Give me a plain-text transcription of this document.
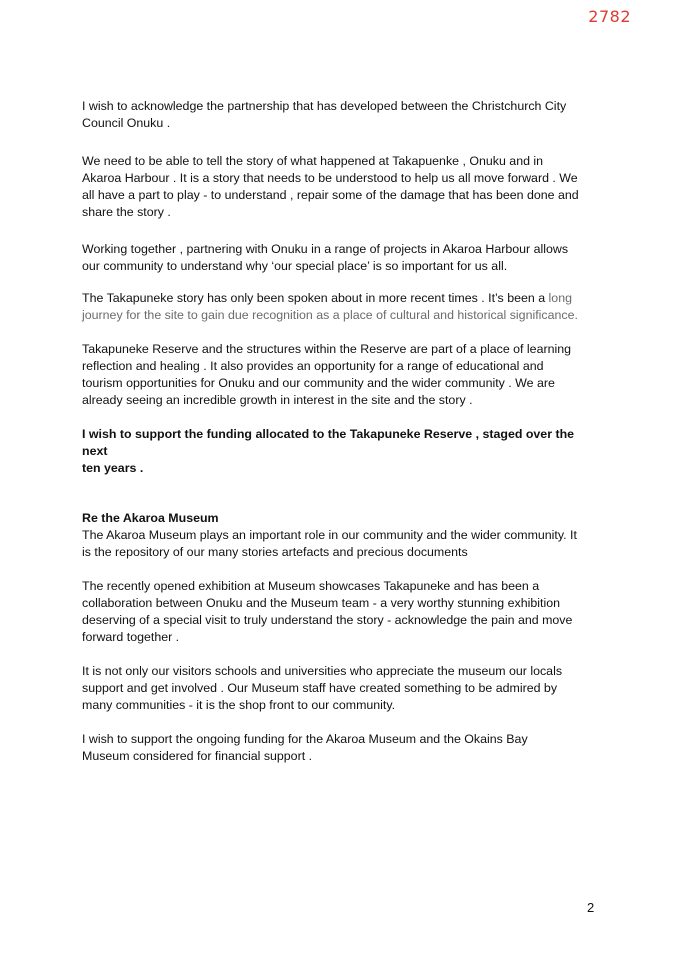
2782

I wish to acknowledge the partnership that has developed between the Christchurch City
Council Onuku .

We need to be able to tell the story of what happened at Takapuenke , Onuku and in
Akaroa Harbour . It is a story that needs to be understood to help us all move forward . We
all have a part to play - to understand , repair some of the damage that has been done and
share the story .

Working together , partnering with Onuku in a range of projects in Akaroa Harbour allows
our community to understand why ‘our special place’ is so important for us all.

The Takapuneke story has only been spoken about in more recent times . It’s been a long
journey for the site to gain due recognition as a place of cultural and historical significance.

Takapuneke Reserve and the structures within the Reserve are part of a place of learning
reflection and healing . It also provides an opportunity for a range of educational and
tourism opportunities for Onuku and our community and the wider community . We are
already seeing an incredible growth in interest in the site and the story .

I wish to support the funding allocated to the Takapuneke Reserve , staged over the next
ten years .

Re the Akaroa Museum

The Akaroa Museum plays an important role in our community and the wider community. It
is the repository of our many stories artefacts and precious documents

The recently opened exhibition at Museum showcases Takapuneke and has been a
collaboration between Onuku and the Museum team - a very worthy stunning exhibition
deserving of a special visit to truly understand the story - acknowledge the pain and move
forward together .

It is not only our visitors schools and universities who appreciate the museum our locals
support and get involved . Our Museum staff have created something to be admired by
many communities - it is the shop front to our community.

I wish to support the ongoing funding for the Akaroa Museum and the Okains Bay
Museum considered for financial support .

2
